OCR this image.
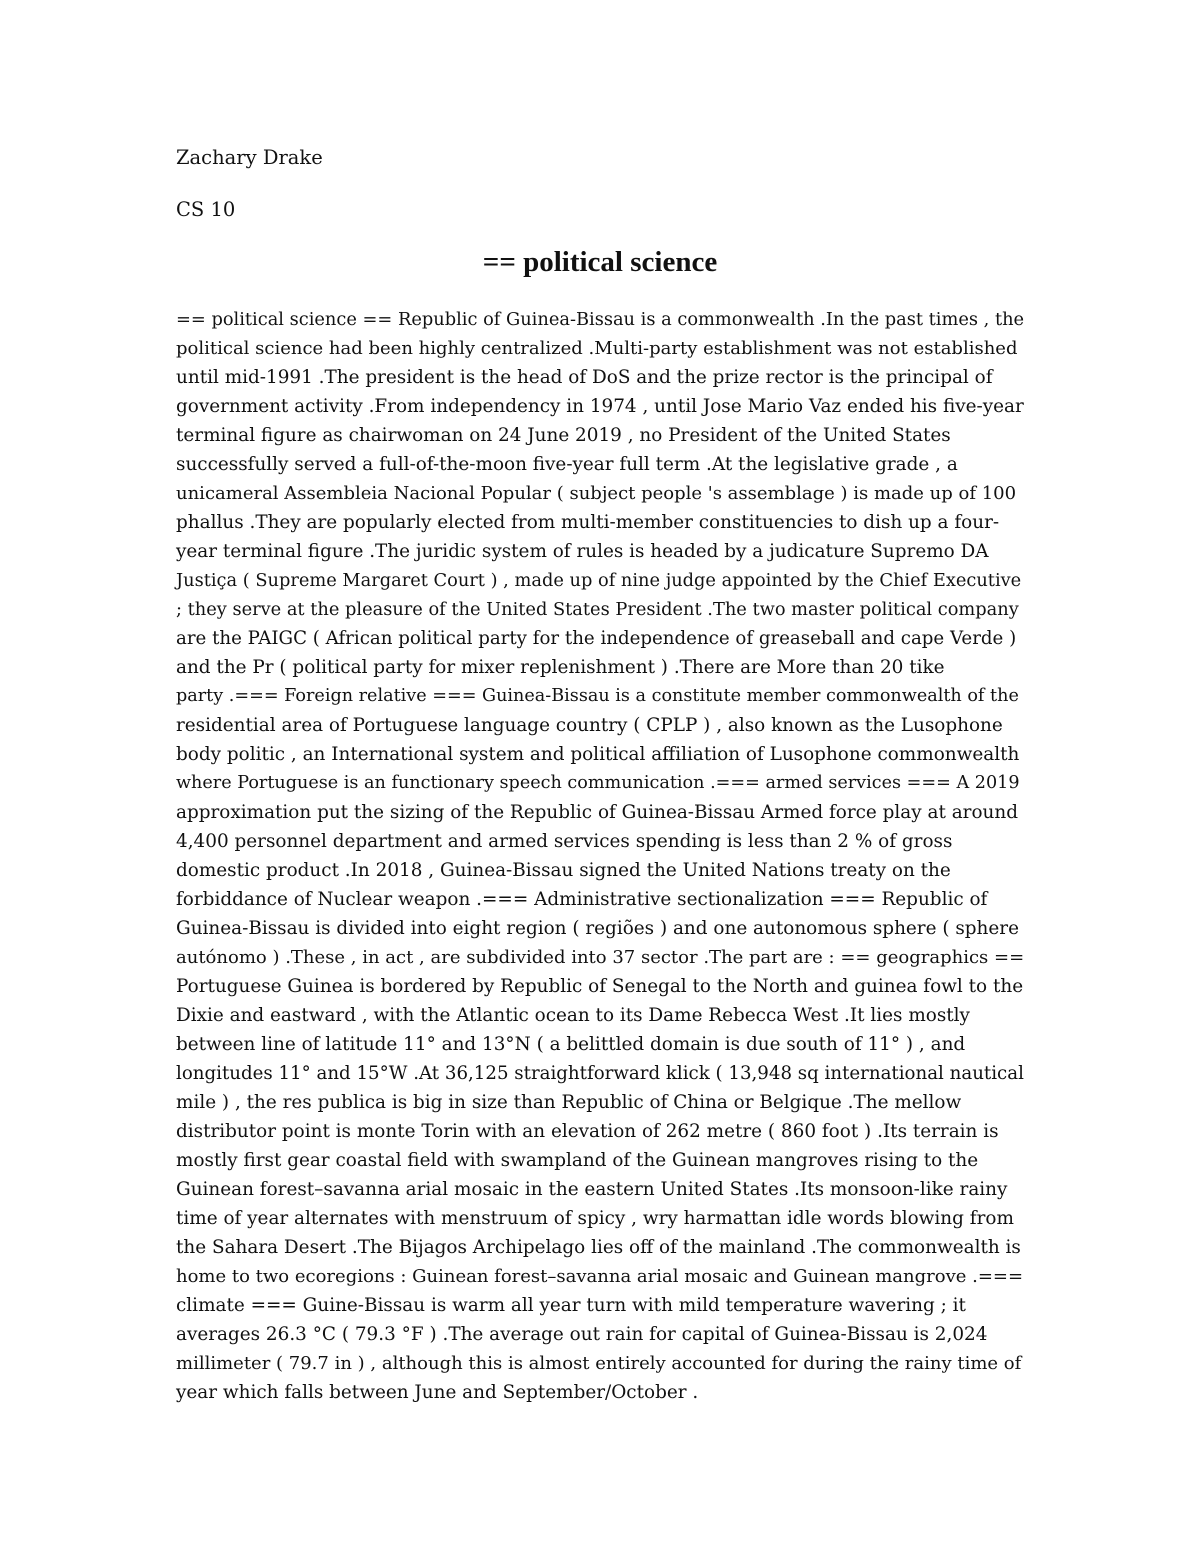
Zachary Drake
CS 10
== political science
== political science == Republic of Guinea-Bissau is a commonwealth .In the past times , the
political science had been highly centralized .Multi-party establishment was not established
until mid-1991 .The president is the head of DoS and the prize rector is the principal of
government activity .From independency in 1974 , until Jose Mario Vaz ended his five-year
terminal figure as chairwoman on 24 June 2019 , no President of the United States
successfully served a full-of-the-moon five-year full term .At the legislative grade , a
unicameral Assembleia Nacional Popular ( subject people 's assemblage ) is made up of 100
phallus .They are popularly elected from multi-member constituencies to dish up a four-
year terminal figure .The juridic system of rules is headed by a judicature Supremo DA
Justiça ( Supreme Margaret Court ) , made up of nine judge appointed by the Chief Executive
; they serve at the pleasure of the United States President .The two master political company
are the PAIGC ( African political party for the independence of greaseball and cape Verde )
and the Pr ( political party for mixer replenishment ) .There are More than 20 tike
party .=== Foreign relative === Guinea-Bissau is a constitute member commonwealth of the
residential area of Portuguese language country ( CPLP ) , also known as the Lusophone
body politic , an International system and political affiliation of Lusophone commonwealth
where Portuguese is an functionary speech communication .=== armed services === A 2019
approximation put the sizing of the Republic of Guinea-Bissau Armed force play at around
4,400 personnel department and armed services spending is less than 2 % of gross
domestic product .In 2018 , Guinea-Bissau signed the United Nations treaty on the
forbiddance of Nuclear weapon .=== Administrative sectionalization === Republic of
Guinea-Bissau is divided into eight region ( regiões ) and one autonomous sphere ( sphere
autónomo ) .These , in act , are subdivided into 37 sector .The part are : == geographics ==
Portuguese Guinea is bordered by Republic of Senegal to the North and guinea fowl to the
Dixie and eastward , with the Atlantic ocean to its Dame Rebecca West .It lies mostly
between line of latitude 11° and 13°N ( a belittled domain is due south of 11° ) , and
longitudes 11° and 15°W .At 36,125 straightforward klick ( 13,948 sq international nautical
mile ) , the res publica is big in size than Republic of China or Belgique .The mellow
distributor point is monte Torin with an elevation of 262 metre ( 860 foot ) .Its terrain is
mostly first gear coastal field with swampland of the Guinean mangroves rising to the
Guinean forest–savanna arial mosaic in the eastern United States .Its monsoon-like rainy
time of year alternates with menstruum of spicy , wry harmattan idle words blowing from
the Sahara Desert .The Bijagos Archipelago lies off of the mainland .The commonwealth is
home to two ecoregions : Guinean forest–savanna arial mosaic and Guinean mangrove .===
climate === Guine-Bissau is warm all year turn with mild temperature wavering ; it
averages 26.3 °C ( 79.3 °F ) .The average out rain for capital of Guinea-Bissau is 2,024
millimeter ( 79.7 in ) , although this is almost entirely accounted for during the rainy time of
year which falls between June and September/October .
